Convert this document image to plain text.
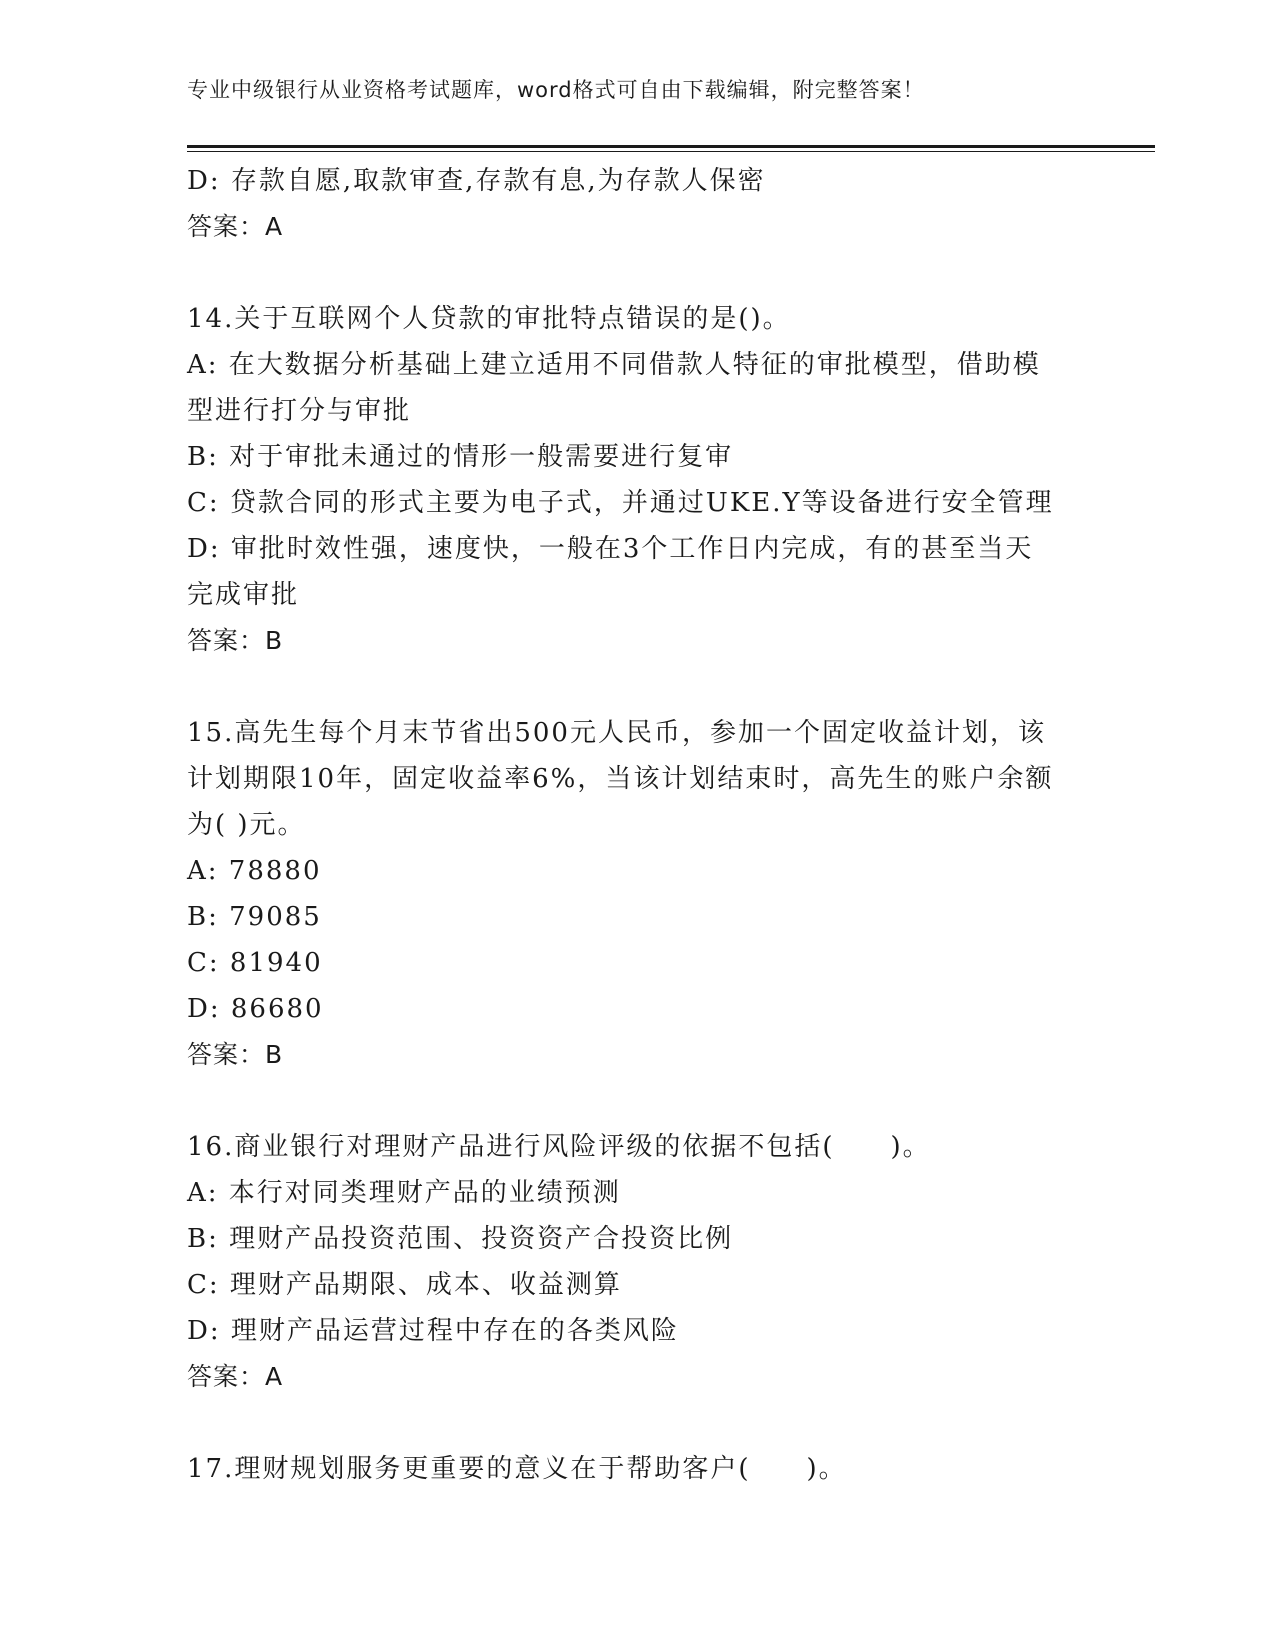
专业中级银行从业资格考试题库，word格式可自由下载编辑，附完整答案！
D: 存款自愿,取款审查,存款有息,为存款人保密
答案：A
14.关于互联网个人贷款的审批特点错误的是()。
A: 在大数据分析基础上建立适用不同借款人特征的审批模型，借助模
型进行打分与审批
B: 对于审批未通过的情形一般需要进行复审
C: 贷款合同的形式主要为电子式，并通过UKE.Y等设备进行安全管理
D: 审批时效性强，速度快，一般在3个工作日内完成，有的甚至当天
完成审批
答案：B
15.高先生每个月末节省出500元人民币，参加一个固定收益计划，该
计划期限10年，固定收益率6%，当该计划结束时，高先生的账户余额
为( )元。
A: 78880
B: 79085
C: 81940
D: 86680
答案：B
16.商业银行对理财产品进行风险评级的依据不包括(　　)。
A: 本行对同类理财产品的业绩预测
B: 理财产品投资范围、投资资产合投资比例
C: 理财产品期限、成本、收益测算
D: 理财产品运营过程中存在的各类风险
答案：A
17.理财规划服务更重要的意义在于帮助客户(　　)。
